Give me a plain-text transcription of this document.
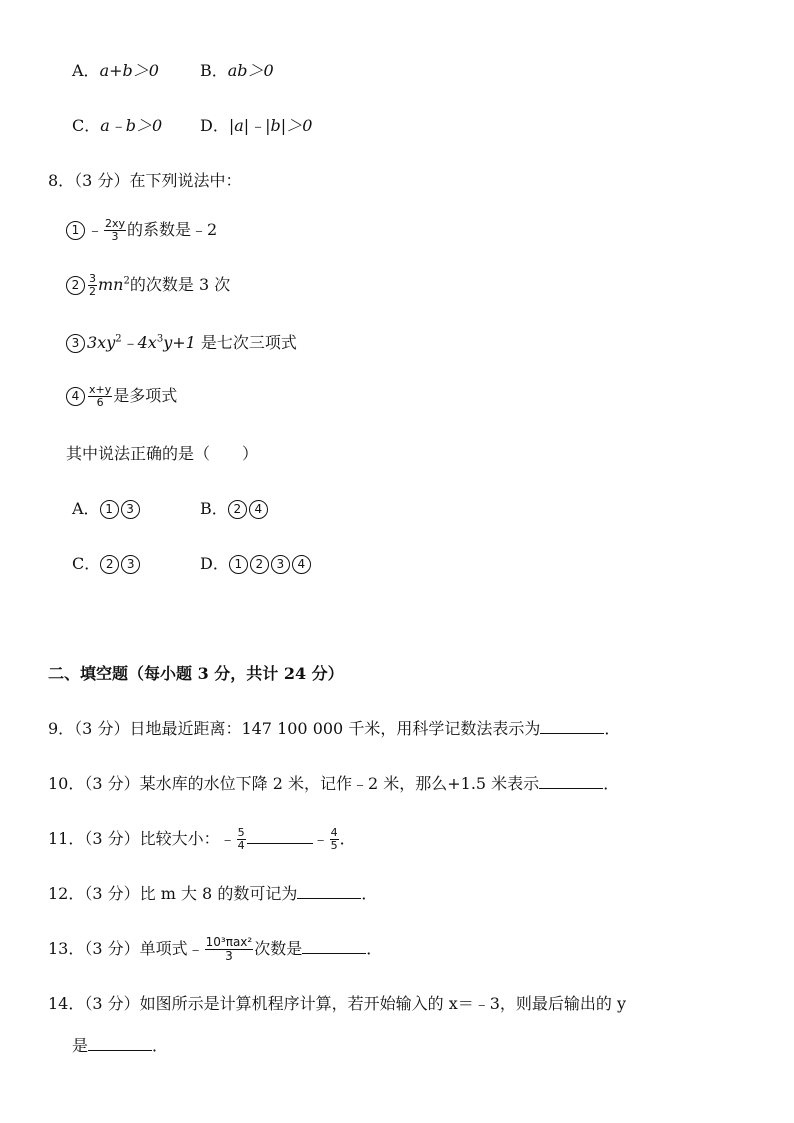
A．a+b＞0	B．ab＞0
C．a﹣b＞0 D．|a|﹣|b|＞0
8．（3 分）在下列说法中：
1 ﹣ $\frac{2xy}{3}$ 的系数是﹣2
$2 \frac{3}{2} mn^2$的次数是 3 次
3 $3xy^2﹣4x^3y+1$ 是七次三项式
$4 \frac{x+y}{6}$ 是多项式
其中说法正确的是（　　）
A． 1 3	B． 2 4
C． 2 3	D． 1 2 3 4
二、填空题（每小题 3 分，共计 24 分）
9．（3 分）日地最近距离：147 100 000 千米，用科学记数法表示为	．
10．（3 分）某水库的水位下降 2 米，记作﹣2 米，那么+1.5 米表示	．
11．（3 分）比较大小：﹣ $\frac{5}{4}$	﹣ $\frac{4}{5}$ ．
12．（3 分）比 m 大 8 的数可记为	．
13．（3 分）单项式﹣ $\frac{\text{10³πax²}}{3}$ 次数是	．
14．（3 分）如图所示是计算机程序计算，若开始输入的 x＝﹣3，则最后输出的 y
是	．
